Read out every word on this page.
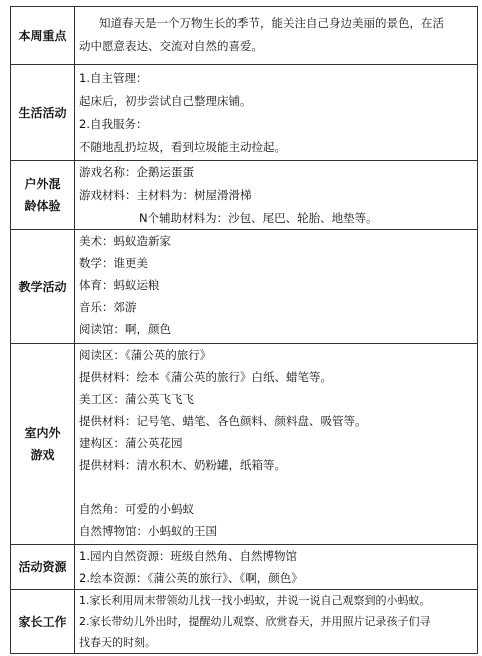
本周重点
知道春天是一个万物生长的季节，能关注自己身边美丽的景色，在活
动中愿意表达、交流对自然的喜爱。
生活活动
1.自主管理：
起床后，初步尝试自己整理床铺。
2.自我服务：
不随地乱扔垃圾，看到垃圾能主动捡起。
户外混
龄体验
游戏名称：企鹅运蛋蛋
游戏材料：主材料为：树屋滑滑梯
N个辅助材料为：沙包、尾巴、轮胎、地垫等。
教学活动
美术：蚂蚁造新家
数学：谁更美
体育：蚂蚁运粮
音乐：郊游
阅读馆：啊，颜色
室内外
游戏
阅读区：《蒲公英的旅行》
提供材料：绘本《蒲公英的旅行》白纸、蜡笔等。
美工区：蒲公英飞飞飞
提供材料：记号笔、蜡笔、各色颜料、颜料盘、吸管等。
建构区：蒲公英花园
提供材料：清水积木、奶粉罐，纸箱等。
自然角：可爱的小蚂蚁
自然博物馆：小蚂蚁的王国
活动资源
1.园内自然资源：班级自然角、自然博物馆
2.绘本资源：《蒲公英的旅行》、《啊，颜色》
家长工作
1.家长利用周末带领幼儿找一找小蚂蚁，并说一说自己观察到的小蚂蚁。
2.家长带幼儿外出时，提醒幼儿观察、欣赏春天，并用照片记录孩子们寻
找春天的时刻。
